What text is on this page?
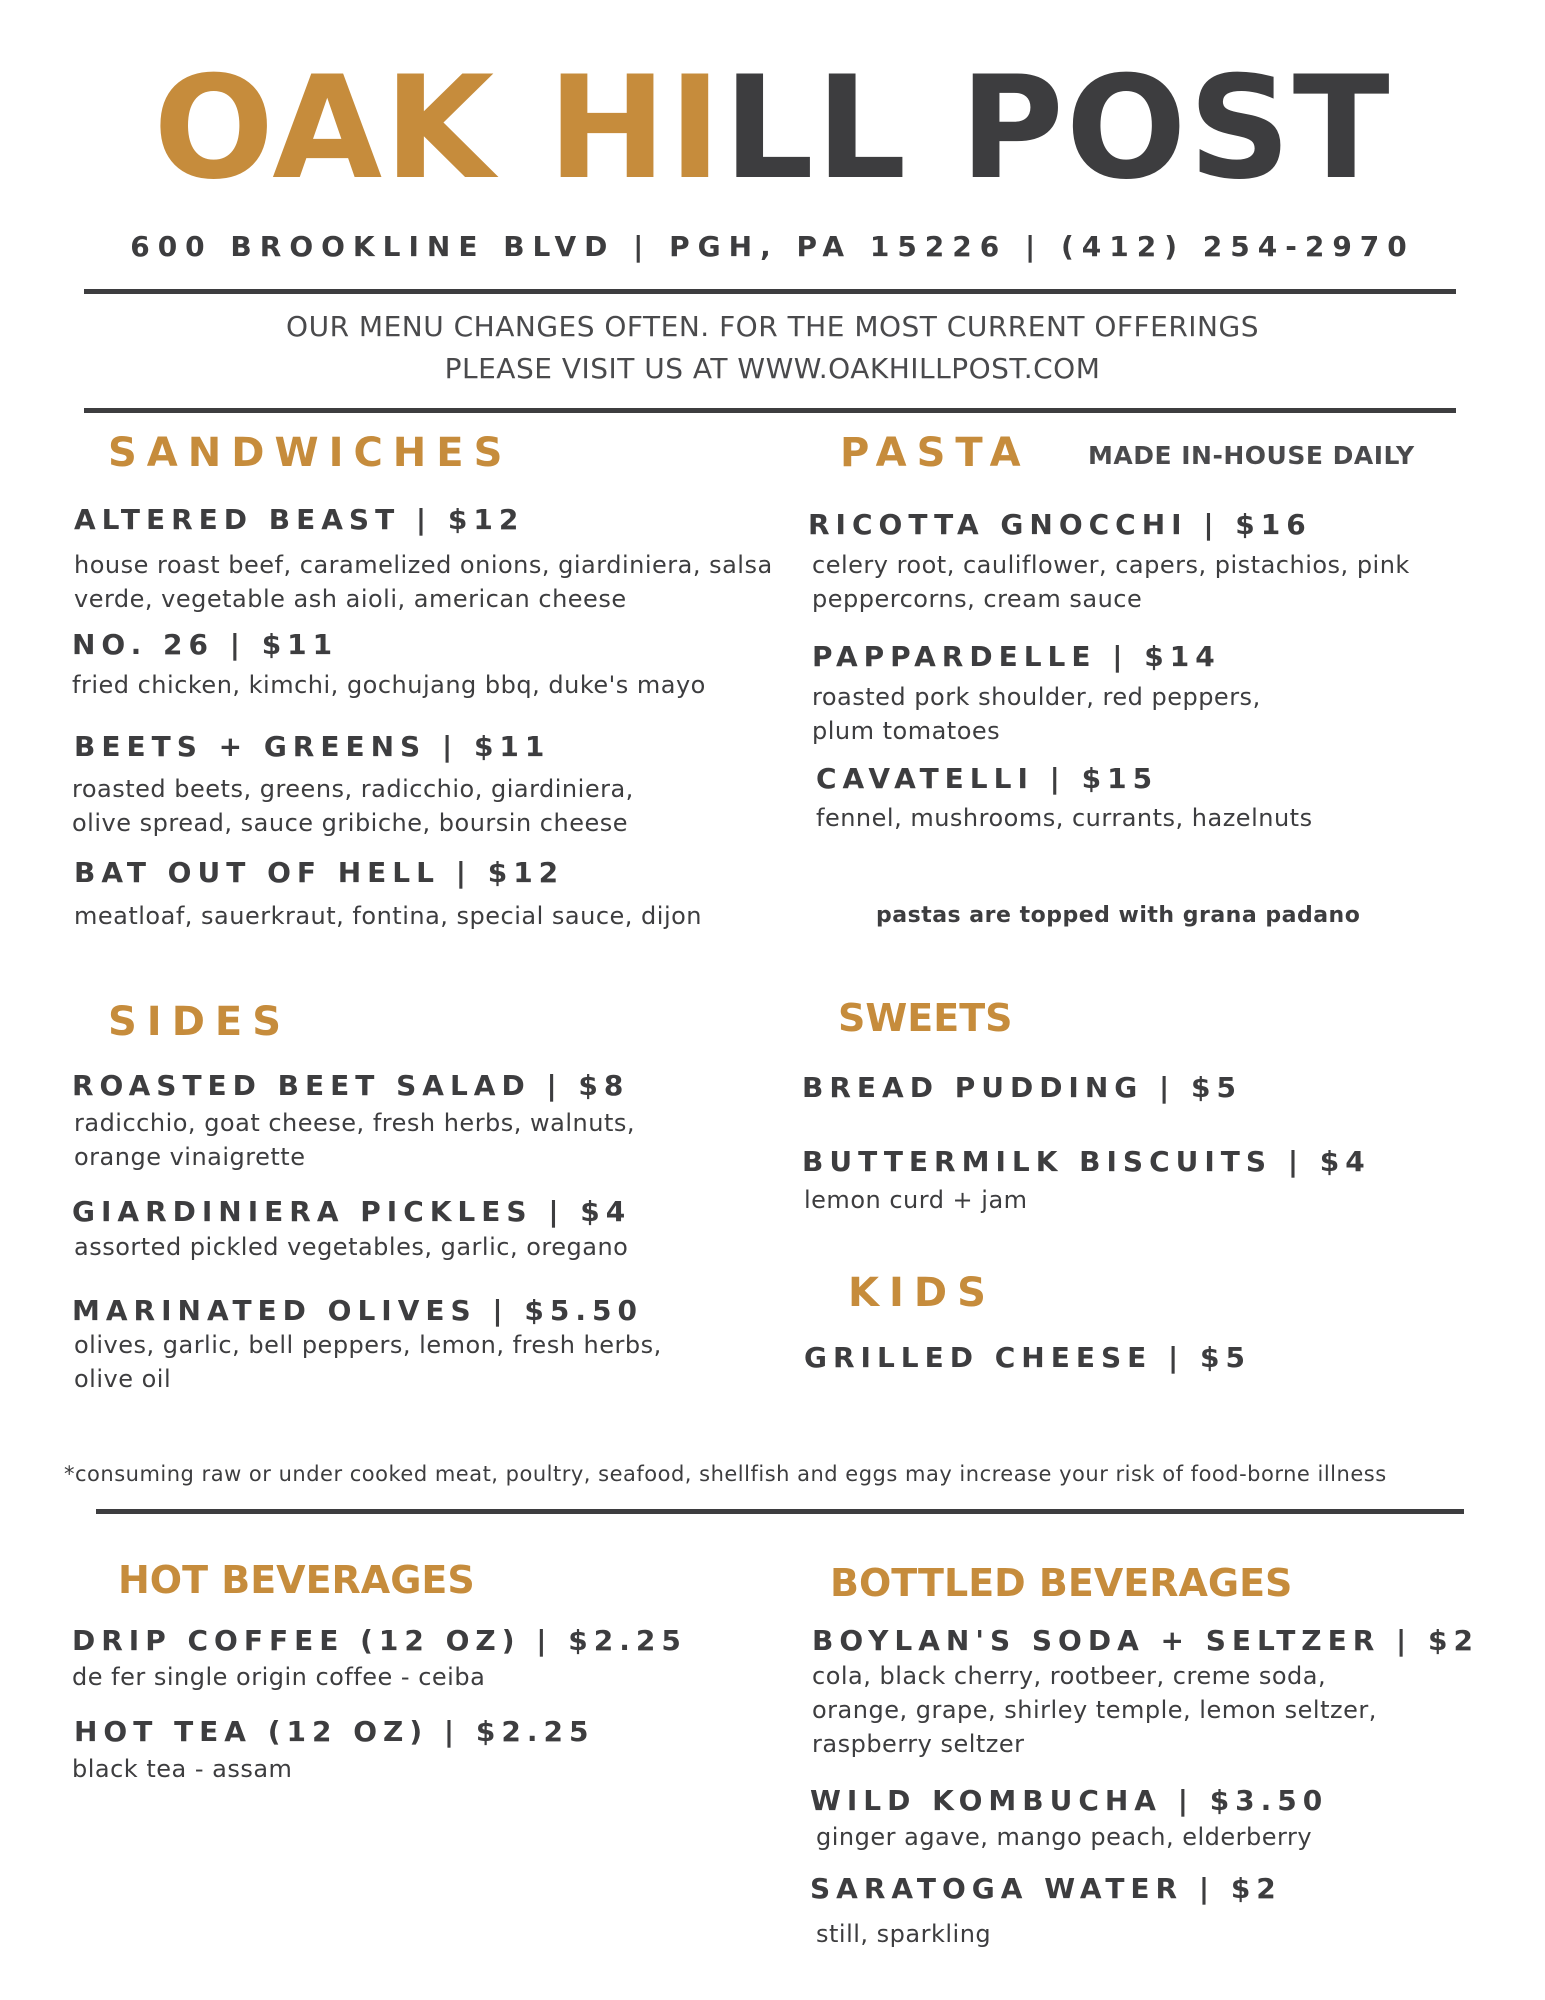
OAK HILL POST
600 BROOKLINE BLVD | PGH, PA 15226 | (412) 254-2970
OUR MENU CHANGES OFTEN. FOR THE MOST CURRENT OFFERINGS
PLEASE VISIT US AT WWW.OAKHILLPOST.COM
SANDWICHES
ALTERED BEAST | $12
house roast beef, caramelized onions, giardiniera, salsa verde, vegetable ash aioli, american cheese
NO. 26 | $11
fried chicken, kimchi, gochujang bbq, duke's mayo
BEETS + GREENS | $11
roasted beets, greens, radicchio, giardiniera, olive spread, sauce gribiche, boursin cheese
BAT OUT OF HELL | $12
meatloaf, sauerkraut, fontina, special sauce, dijon
PASTA MADE IN-HOUSE DAILY
RICOTTA GNOCCHI | $16
celery root, cauliflower, capers, pistachios, pink peppercorns, cream sauce
PAPPARDELLE | $14
roasted pork shoulder, red peppers, plum tomatoes
CAVATELLI | $15
fennel, mushrooms, currants, hazelnuts
pastas are topped with grana padano
SIDES
ROASTED BEET SALAD | $8
radicchio, goat cheese, fresh herbs, walnuts, orange vinaigrette
GIARDINIERA PICKLES | $4
assorted pickled vegetables, garlic, oregano
MARINATED OLIVES | $5.50
olives, garlic, bell peppers, lemon, fresh herbs, olive oil
SWEETS
BREAD PUDDING | $5
BUTTERMILK BISCUITS | $4
lemon curd + jam
KIDS
GRILLED CHEESE | $5
*consuming raw or under cooked meat, poultry, seafood, shellfish and eggs may increase your risk of food-borne illness
HOT BEVERAGES
DRIP COFFEE (12 OZ) | $2.25
de fer single origin coffee - ceiba
HOT TEA (12 OZ) | $2.25
black tea - assam
BOTTLED BEVERAGES
BOYLAN'S SODA + SELTZER | $2
cola, black cherry, rootbeer, creme soda, orange, grape, shirley temple, lemon seltzer, raspberry seltzer
WILD KOMBUCHA | $3.50
ginger agave, mango peach, elderberry
SARATOGA WATER | $2
still, sparkling
